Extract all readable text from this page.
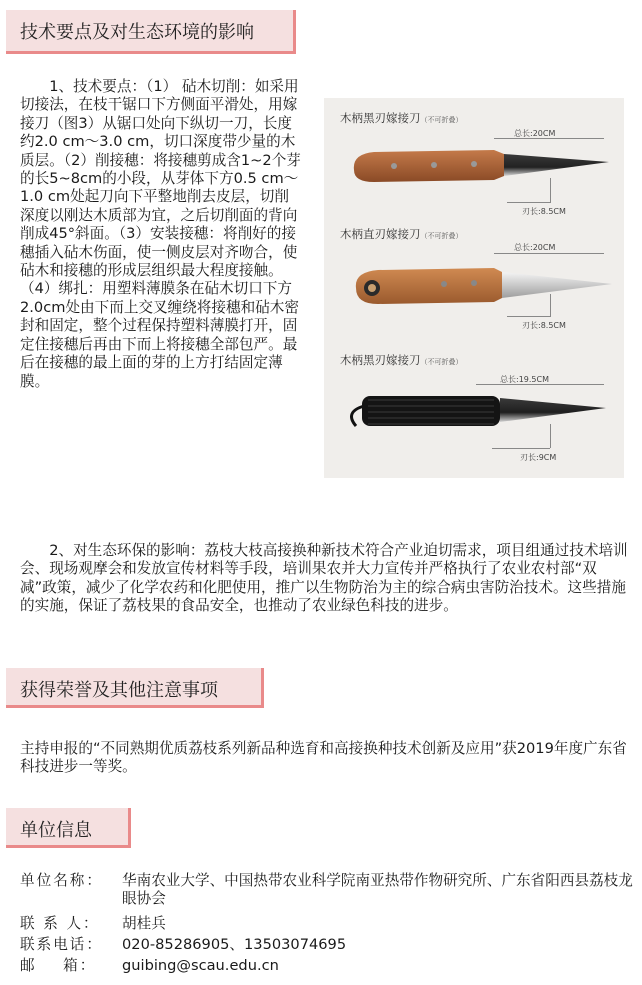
技术要点及对生态环境的影响
1、技术要点：（1） 砧木切削：如采用切接法，在枝干锯口下方侧面平滑处，用嫁接刀（图3）从锯口处向下纵切一刀，长度约2.0 cm～3.0 cm，切口深度带少量的木质层。（2）削接穗：将接穗剪成含1~2个芽的长5~8cm的小段，从芽体下方0.5 cm～1.0 cm处起刀向下平整地削去皮层，切削深度以刚达木质部为宜，之后切削面的背向削成45°斜面。（3）安装接穗：将削好的接穗插入砧木伤面，使一侧皮层对齐吻合，使砧木和接穗的形成层组织最大程度接触。（4）绑扎：用塑料薄膜条在砧木切口下方2.0cm处由下而上交叉缠绕将接穗和砧木密封和固定，整个过程保持塑料薄膜打开，固定住接穗后再由下而上将接穗全部包严。最后在接穗的最上面的芽的上方打结固定薄膜。
木柄黑刃嫁接刀（不可折叠）
总长:20CM
刃长:8.5CM
木柄直刃嫁接刀（不可折叠）
总长:20CM
刃长:8.5CM
木柄黑刃嫁接刀（不可折叠）
总长:19.5CM
刃长:9CM
2、对生态环保的影响：荔枝大枝高接换种新技术符合产业迫切需求，项目组通过技术培训会、现场观摩会和发放宣传材料等手段，培训果农并大力宣传并严格执行了农业农村部“双减”政策，减少了化学农药和化肥使用，推广以生物防治为主的综合病虫害防治技术。这些措施的实施，保证了荔枝果的食品安全，也推动了农业绿色科技的进步。
获得荣誉及其他注意事项
主持申报的“不同熟期优质荔枝系列新品种选育和高接换种技术创新及应用”获2019年度广东省科技进步一等奖。
单位信息
单位名称： 华南农业大学、中国热带农业科学院南亚热带作物研究所、广东省阳西县荔枝龙眼协会
联 系 人： 胡桂兵
联系电话： 020-85286905、13503074695
邮    箱： guibing@scau.edu.cn
